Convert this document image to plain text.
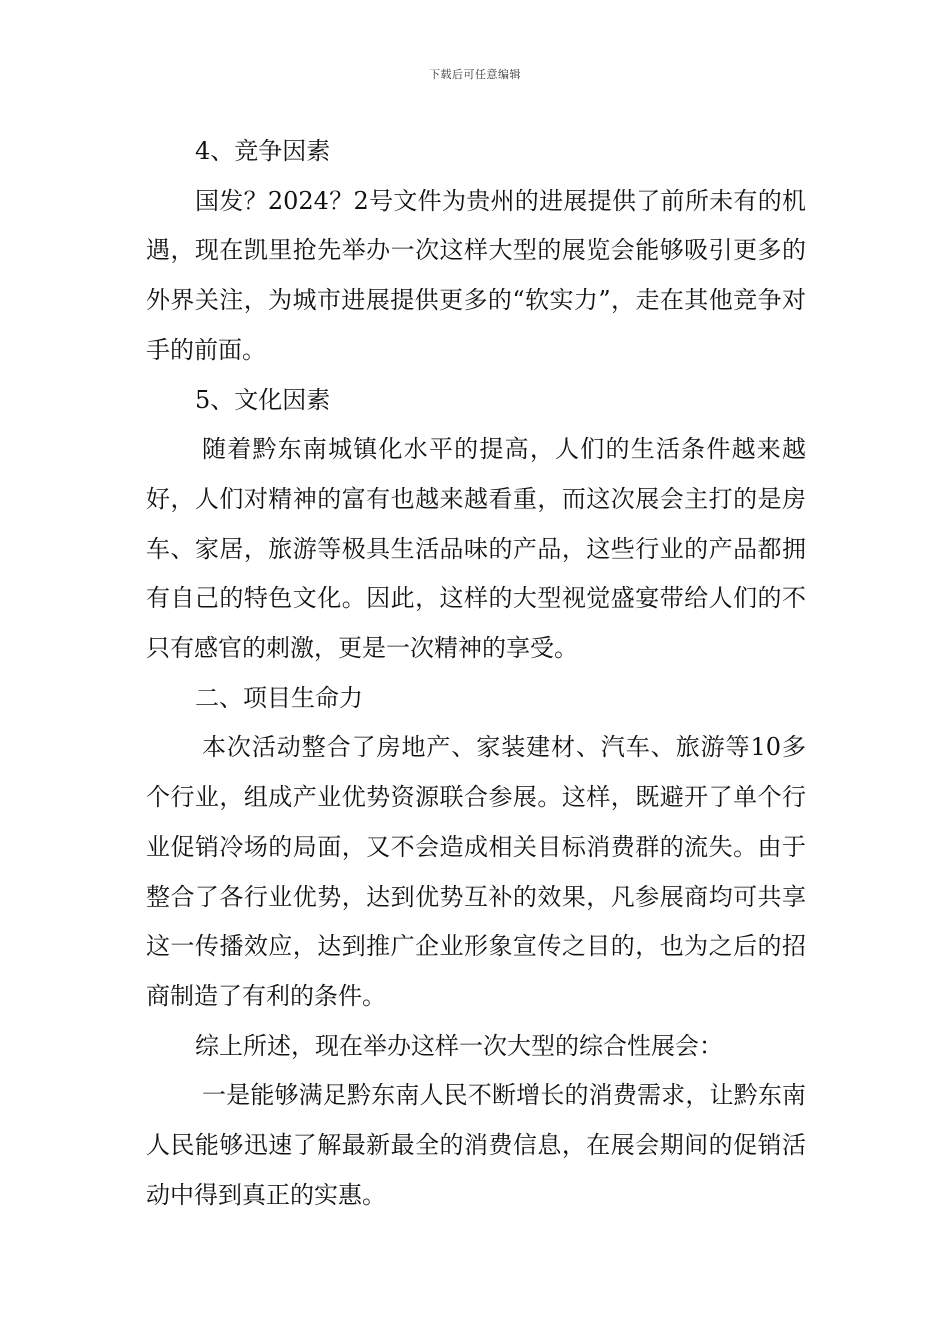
下载后可任意编辑

4、竞争因素

国发？2024？2号文件为贵州的进展提供了前所未有的机遇，现在凯里抢先举办一次这样大型的展览会能够吸引更多的外界关注，为城市进展提供更多的“软实力”，走在其他竞争对手的前面。

5、文化因素

随着黔东南城镇化水平的提高，人们的生活条件越来越好，人们对精神的富有也越来越看重，而这次展会主打的是房车、家居，旅游等极具生活品味的产品，这些行业的产品都拥有自己的特色文化。因此，这样的大型视觉盛宴带给人们的不只有感官的刺激，更是一次精神的享受。

二、项目生命力

本次活动整合了房地产、家装建材、汽车、旅游等10多个行业，组成产业优势资源联合参展。这样，既避开了单个行业促销冷场的局面，又不会造成相关目标消费群的流失。由于整合了各行业优势，达到优势互补的效果，凡参展商均可共享这一传播效应，达到推广企业形象宣传之目的，也为之后的招商制造了有利的条件。

综上所述，现在举办这样一次大型的综合性展会：

一是能够满足黔东南人民不断增长的消费需求，让黔东南人民能够迅速了解最新最全的消费信息，在展会期间的促销活动中得到真正的实惠。
